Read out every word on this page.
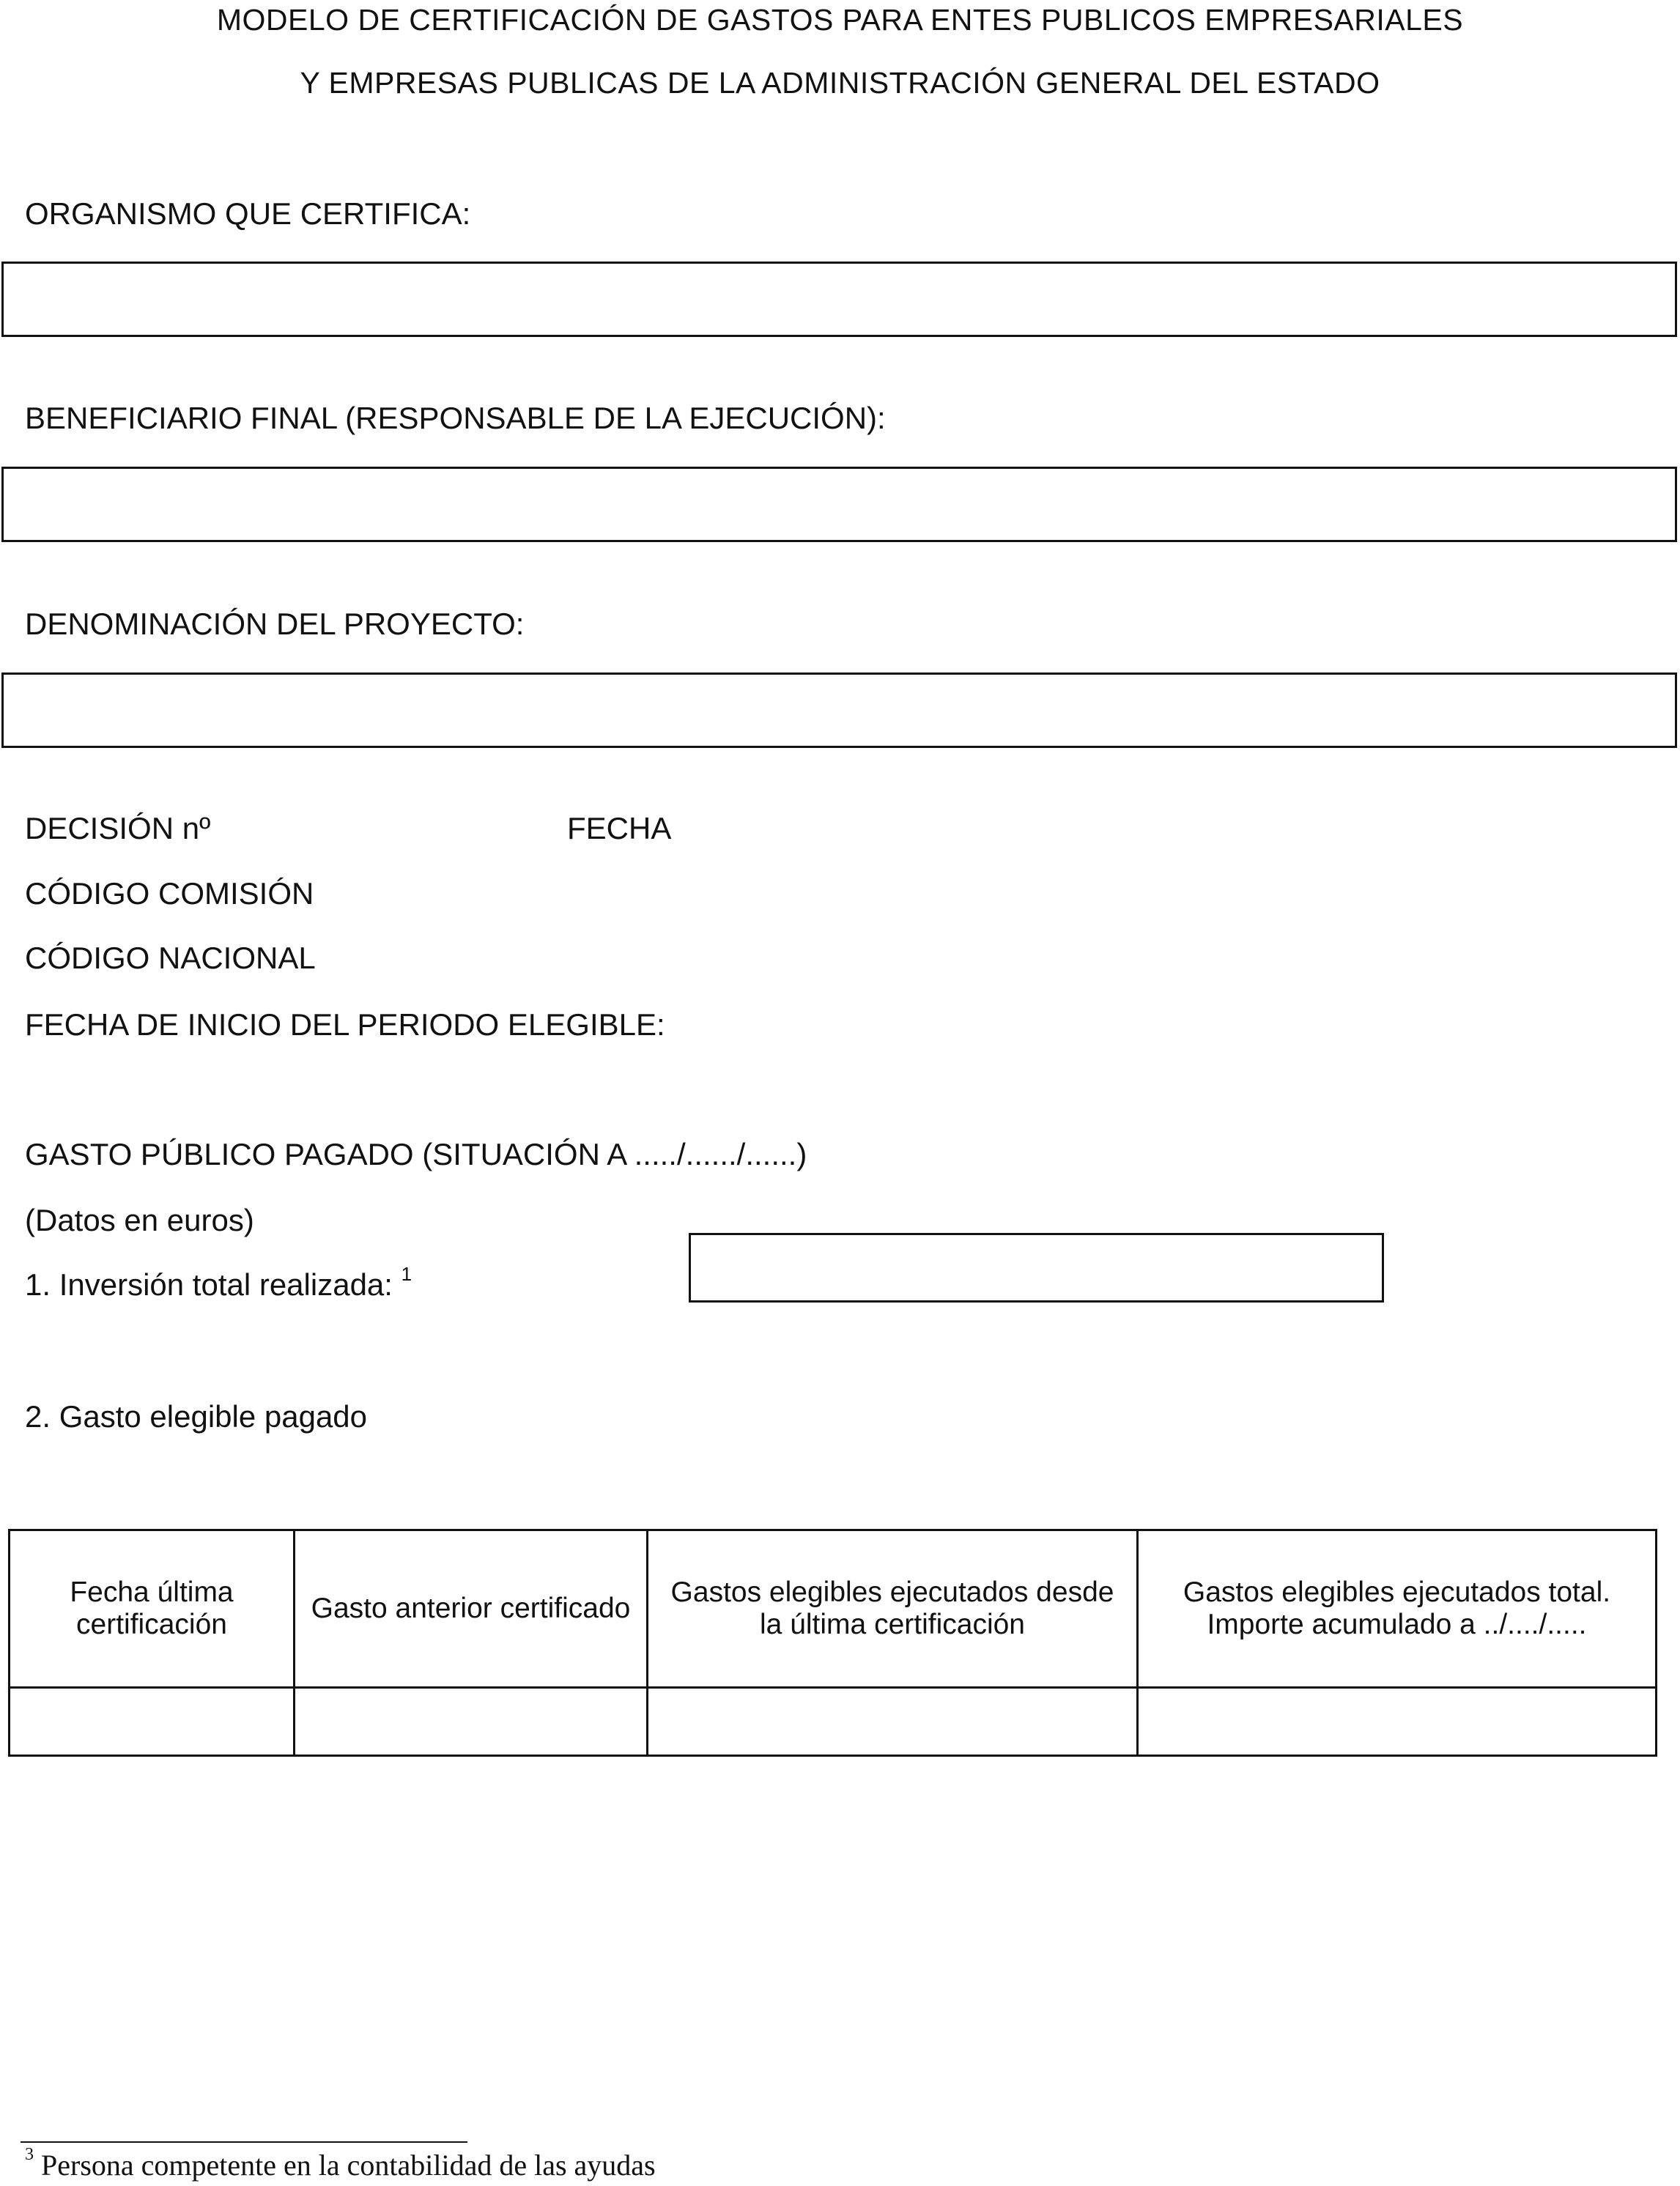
MODELO DE CERTIFICACIÓN DE GASTOS PARA ENTES PUBLICOS EMPRESARIALES
Y EMPRESAS PUBLICAS DE LA ADMINISTRACIÓN GENERAL DEL ESTADO
ORGANISMO QUE CERTIFICA:
BENEFICIARIO FINAL (RESPONSABLE DE LA EJECUCIÓN):
DENOMINACIÓN DEL PROYECTO:
DECISIÓN nº	FECHA
CÓDIGO COMISIÓN
CÓDIGO NACIONAL
FECHA DE INICIO DEL PERIODO ELEGIBLE:
GASTO PÚBLICO PAGADO (SITUACIÓN A ...../....../......)
(Datos en euros)
1. Inversión total realizada: $^1$
2. Gasto elegible pagado
Fecha última certificación	Gasto anterior certificado	Gastos elegibles ejecutados desde la última certificación	Gastos elegibles ejecutados total. Importe acumulado a ../..../.....

$^3$ Persona competente en la contabilidad de las ayudas
